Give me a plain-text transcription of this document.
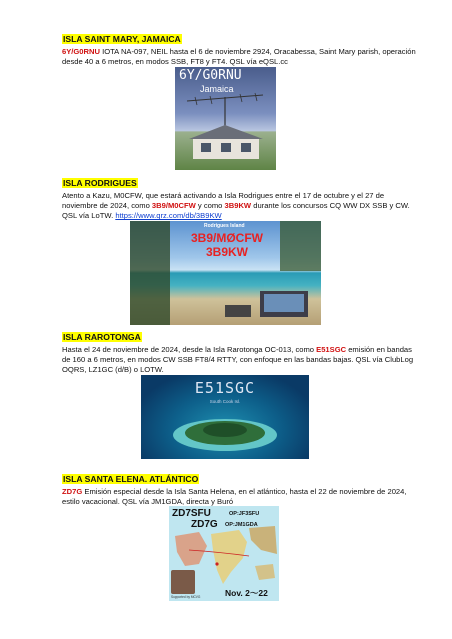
ISLA SAINT MARY, JAMAICA

6Y/G0RNU IOTA NA-097, NEIL hasta el 6 de noviembre 2924, Oracabessa, Saint Mary parish, operación desde 40 a 6 metros, en modos SSB, FT8 y FT4. QSL vía eQSL.cc

6Y/G0RNU
Jamaica
ISLA RODRIGUES

Atento a Kazu, M0CFW, que estará activando a Isla Rodrigues entre el 17 de octubre y el 27 de noviembre de 2024, como 3B9/M0CFW y como 3B9KW durante los concursos CQ WW DX SSB y CW. QSL vía LoTW. https://www.qrz.com/db/3B9KW

Rodrigues Island
3B9/MØCFW
3B9KW
ISLA RAROTONGA

Hasta el 24 de noviembre de 2024, desde la Isla Rarotonga OC-013, como E51SGC emisión en bandas de 160 a 6 metros, en modos CW SSB FT8/4 RTTY, con enfoque en las bandas bajas. QSL vía ClubLog OQRS, LZ1GC (d/B) o LOTW.

E51SGC
South Cook Isl.
ISLA SANTA ELENA. ATLÁNTICO

ZD7G Emisión especial desde la Isla Santa Helena, en el atlántico, hasta el 22 de noviembre de 2024, estilo vacacional. QSL vía JM1GDA, directa y Buró

ZD7SFU	OP:JF3SFU
ZD7G OP:JM1GDA
Supported by MCVG	Nov. 2～22
